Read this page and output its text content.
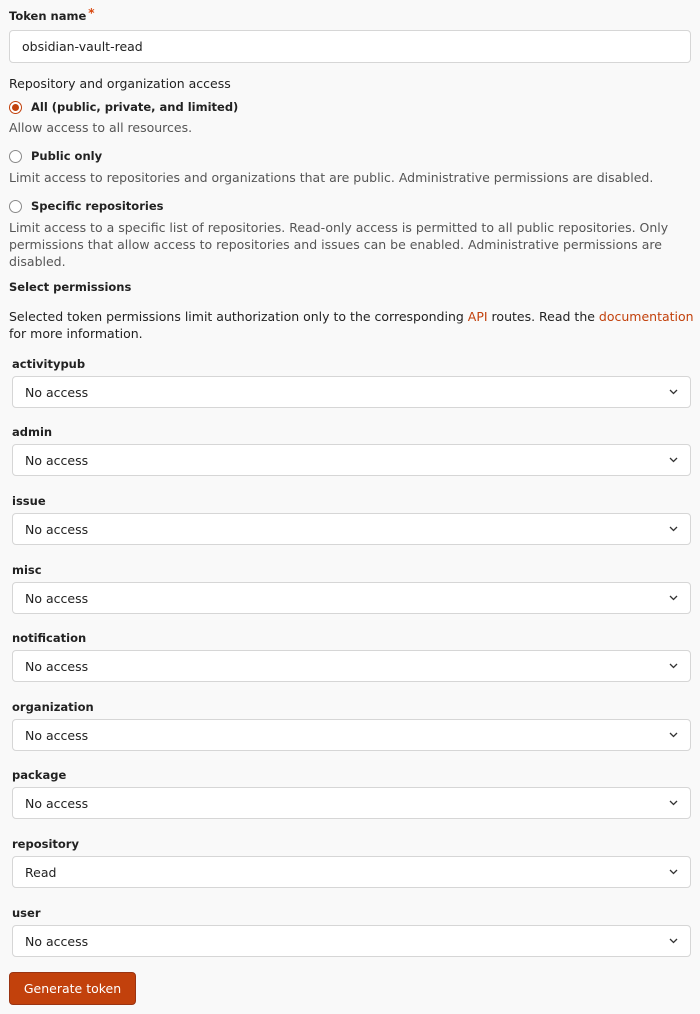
Token name *
obsidian-vault-read
Repository and organization access
All (public, private, and limited)
Allow access to all resources.
Public only
Limit access to repositories and organizations that are public. Administrative permissions are disabled.
Specific repositories
Limit access to a specific list of repositories. Read-only access is permitted to all public repositories. Only permissions that allow access to repositories and issues can be enabled. Administrative permissions are disabled.
Select permissions
Selected token permissions limit authorization only to the corresponding API routes. Read the documentation for more information.
activitypub
No access
admin
No access
issue
No access
misc
No access
notification
No access
organization
No access
package
No access
repository
Read
user
No access
Generate token
